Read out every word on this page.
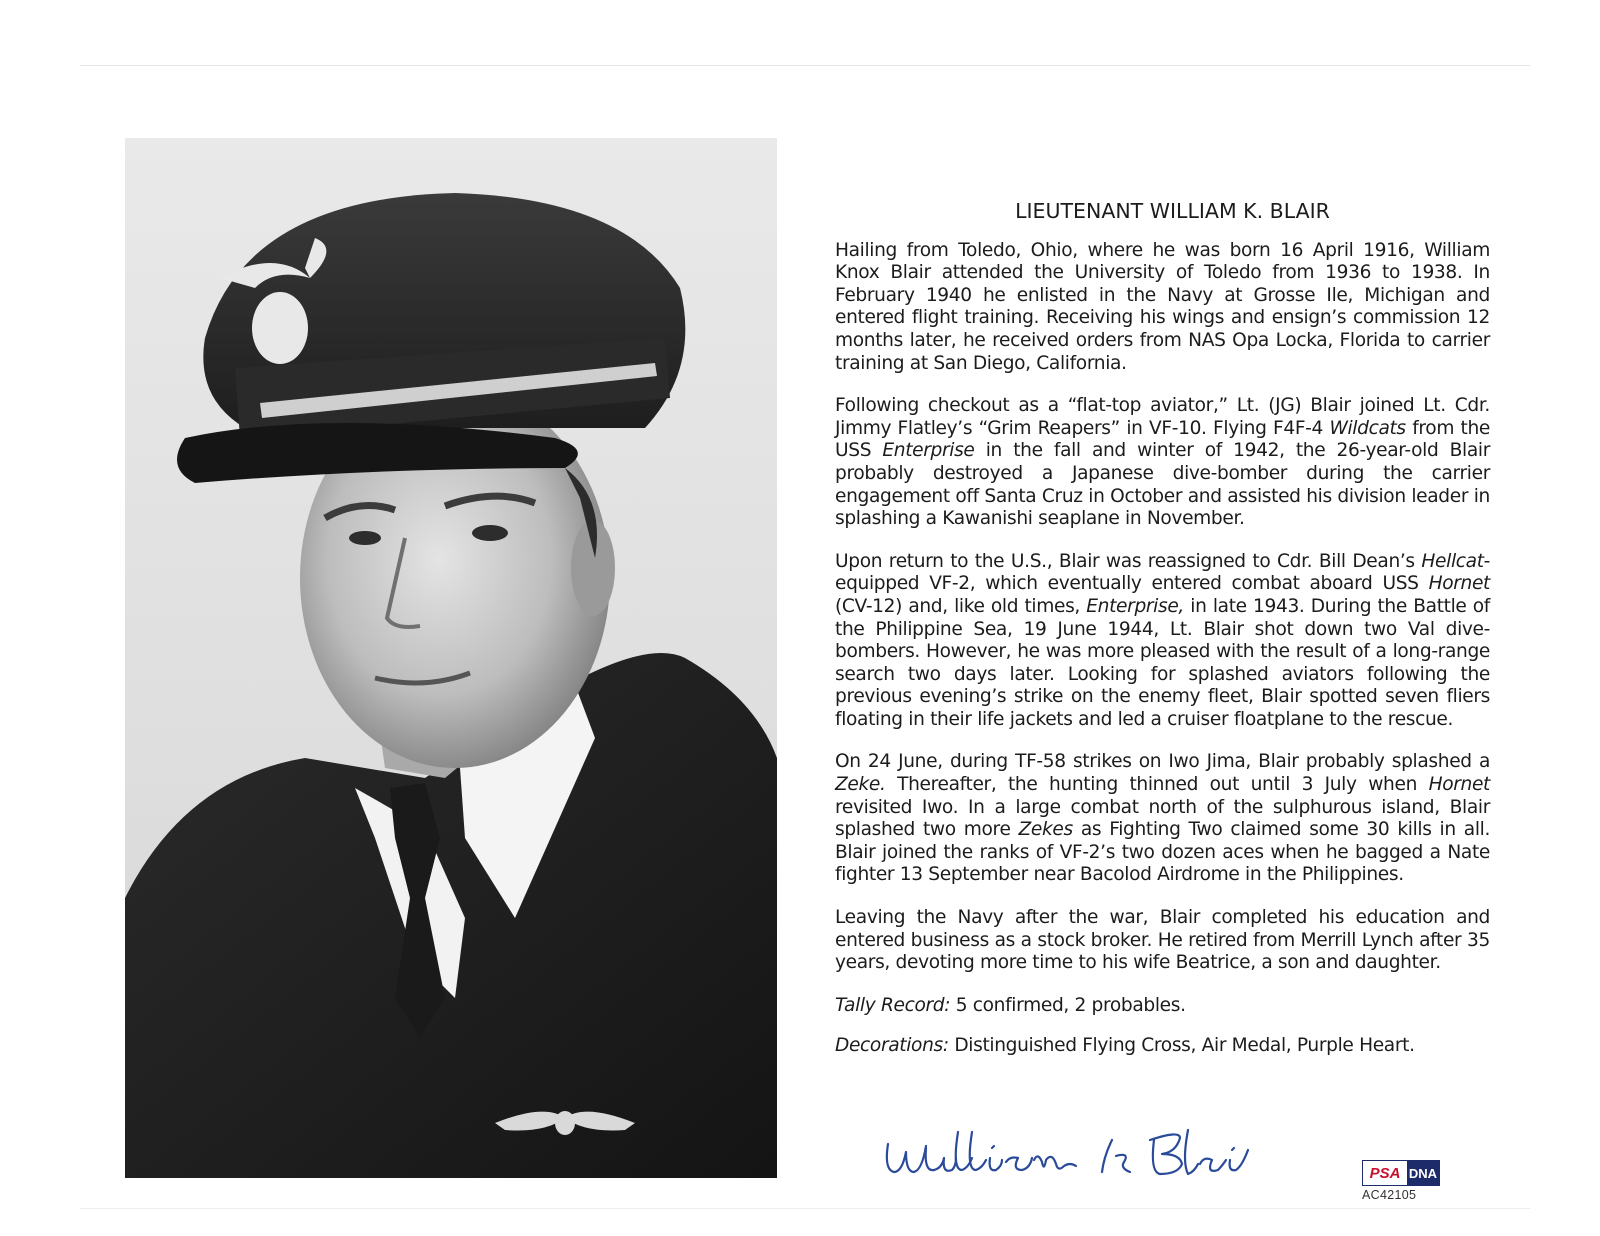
LIEUTENANT WILLIAM K. BLAIR

Hailing from Toledo, Ohio, where he was born 16 April 1916, William Knox Blair attended the University of Toledo from 1936 to 1938. In February 1940 he enlisted in the Navy at Grosse Ile, Michigan and entered flight training. Receiving his wings and ensign’s commission 12 months later, he received orders from NAS Opa Locka, Florida to carrier training at San Diego, California.

Following checkout as a “flat-top aviator,” Lt. (JG) Blair joined Lt. Cdr. Jimmy Flatley’s “Grim Reapers” in VF-10. Flying F4F-4 Wildcats from the USS Enterprise in the fall and winter of 1942, the 26-year-old Blair probably destroyed a Japanese dive-bomber during the carrier engagement off Santa Cruz in October and assisted his division leader in splashing a Kawanishi seaplane in November.

Upon return to the U.S., Blair was reassigned to Cdr. Bill Dean’s Hellcat-equipped VF-2, which eventually entered combat aboard USS Hornet (CV-12) and, like old times, Enterprise, in late 1943. During the Battle of the Philippine Sea, 19 June 1944, Lt. Blair shot down two Val dive-bombers. However, he was more pleased with the result of a long-range search two days later. Looking for splashed aviators following the previous evening’s strike on the enemy fleet, Blair spotted seven fliers floating in their life jackets and led a cruiser floatplane to the rescue.

On 24 June, during TF-58 strikes on Iwo Jima, Blair probably splashed a Zeke. Thereafter, the hunting thinned out until 3 July when Hornet revisited Iwo. In a large combat north of the sulphurous island, Blair splashed two more Zekes as Fighting Two claimed some 30 kills in all. Blair joined the ranks of VF-2’s two dozen aces when he bagged a Nate fighter 13 September near Bacolod Airdrome in the Philippines.

Leaving the Navy after the war, Blair completed his education and entered business as a stock broker. He retired from Merrill Lynch after 35 years, devoting more time to his wife Beatrice, a son and daughter.

Tally Record: 5 confirmed, 2 probables.

Decorations: Distinguished Flying Cross, Air Medal, Purple Heart.

William K. Blair
PSA DNA
AC42105
